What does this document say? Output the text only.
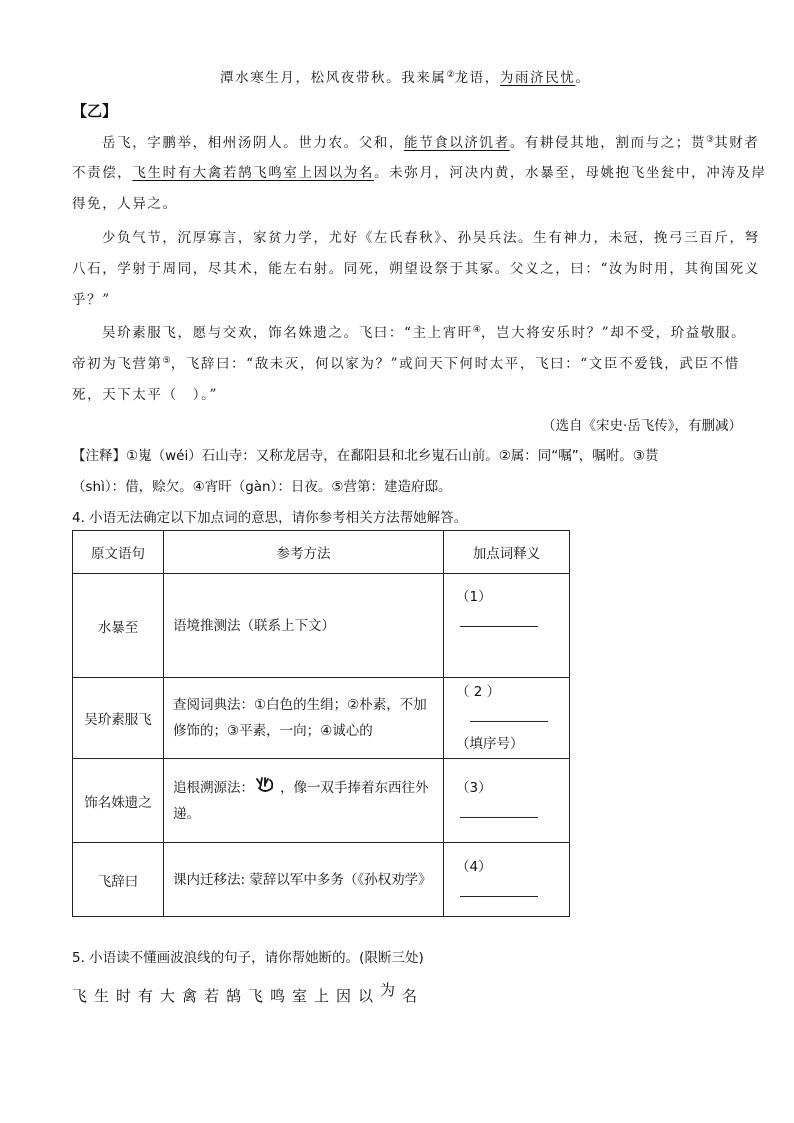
潭水寒生月，松风夜带秋。我来属②龙语，为雨济民忧。
【乙】
岳飞，字鹏举，相州汤阴人。世力农。父和，能节食以济饥者。有耕侵其地，割而与之；贳③其财者
不责偿，飞生时有大禽若鹄飞鸣室上因以为名。未弥月，河决内黄，水暴至，母姚抱飞坐瓮中，冲涛及岸
得免，人异之。
少负气节，沉厚寡言，家贫力学，尤好《左氏春秋》、孙吴兵法。生有神力，未冠，挽弓三百斤，弩
八石，学射于周同，尽其术，能左右射。同死，朔望设祭于其冢。父义之，曰：“汝为时用，其徇国死义
乎？”
吴玠素服飞，愿与交欢，饰名姝遗之。飞曰：“主上宵旰④，岂大将安乐时？”却不受，玠益敬服。
帝初为飞营第⑤，飞辞曰：“敌未灭，何以家为？”或问天下何时太平，飞曰：“文臣不爱钱，武臣不惜
死，天下太平（　）。”
（选自《宋史·岳飞传》，有删减）
【注释】①嵬（wéi）石山寺：又称龙居寺，在鄱阳县和北乡嵬石山前。②属：同“嘱”，嘱咐。③贳
（shì）：借，赊欠。④宵旰（gàn）：日夜。⑤营第：建造府邸。
4. 小语无法确定以下加点词的意思，请你参考相关方法帮她解答。
原文语句	参考方法	加点词释义
水暴至	语境推测法（联系上下文）	（1）
吴玠素服飞	查阅词典法：①白色的生绢；②朴素，不加修饰的；③平素，一向；④诚心的	（ 2 ）
（填序号）

饰名姝遗之	追根溯源法： ，像一双手捧着东西往外递。	（3）
飞辞曰	课内迁移法: 蒙辞以军中多务（《孙权劝学》	（4）
5. 小语读不懂画波浪线的句子，请你帮她断的。(限断三处)
飞生时有大禽若鹄飞鸣室上因以为名
